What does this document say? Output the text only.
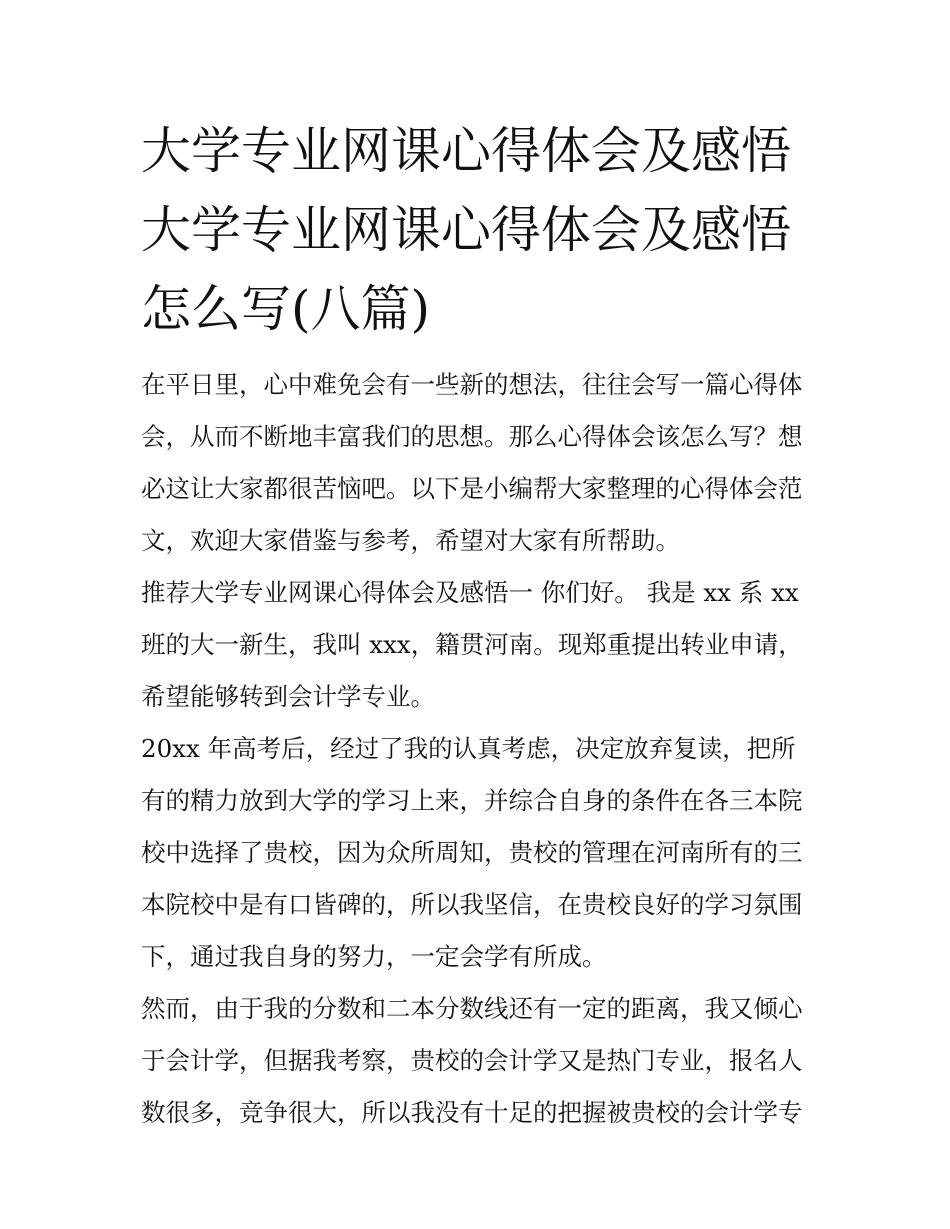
大学专业网课心得体会及感悟
大学专业网课心得体会及感悟
怎么写(八篇)

在平日里，心中难免会有一些新的想法，往往会写一篇心得体
会，从而不断地丰富我们的思想。那么心得体会该怎么写？想
必这让大家都很苦恼吧。以下是小编帮大家整理的心得体会范
文，欢迎大家借鉴与参考，希望对大家有所帮助。

推荐大学专业网课心得体会及感悟一 你们好。 我是 xx 系 xx
班的大一新生，我叫 xxx，籍贯河南。现郑重提出转业申请，
希望能够转到会计学专业。

20xx 年高考后，经过了我的认真考虑，决定放弃复读，把所
有的精力放到大学的学习上来，并综合自身的条件在各三本院
校中选择了贵校，因为众所周知，贵校的管理在河南所有的三
本院校中是有口皆碑的，所以我坚信，在贵校良好的学习氛围
下，通过我自身的努力，一定会学有所成。

然而，由于我的分数和二本分数线还有一定的距离，我又倾心
于会计学，但据我考察，贵校的会计学又是热门专业，报名人
数很多，竞争很大，所以我没有十足的把握被贵校的会计学专
